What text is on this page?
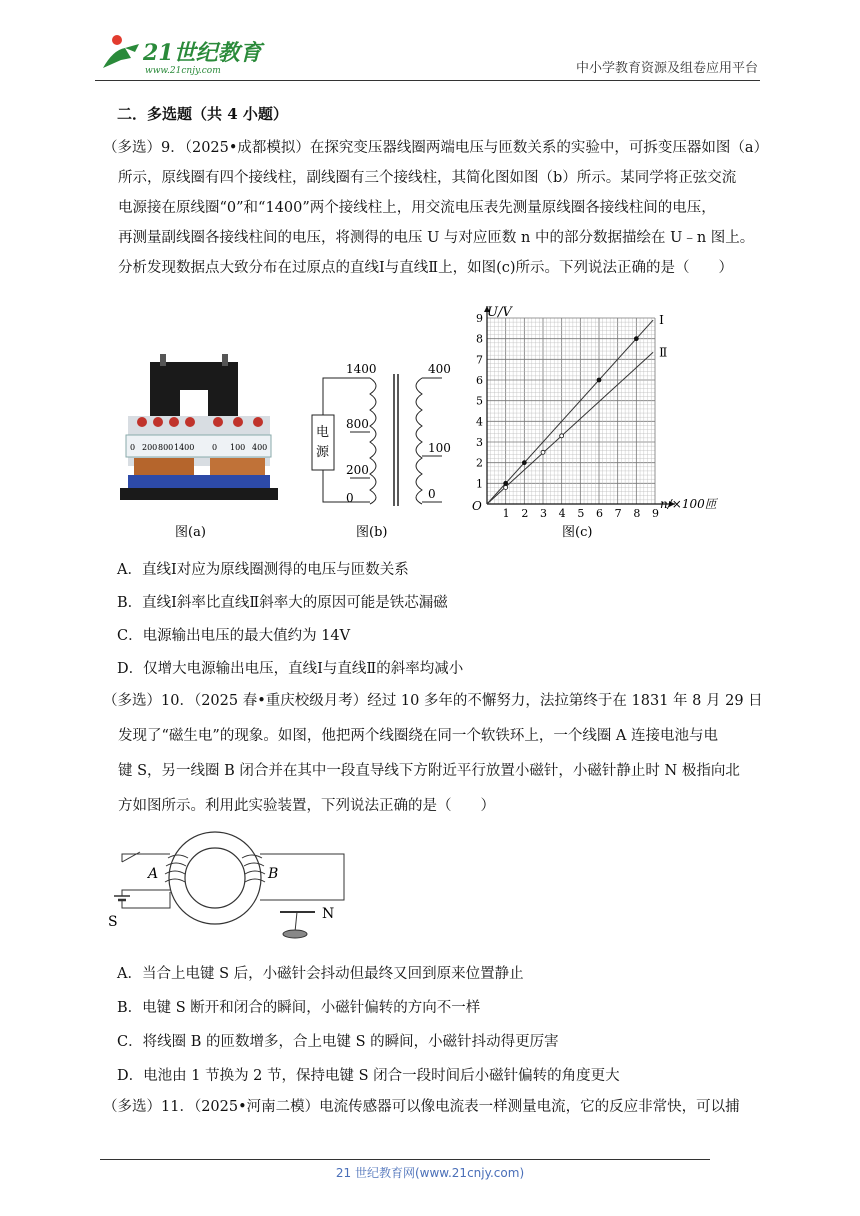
21世纪教育
www.21cnjy.com	中小学教育资源及组卷应用平台
二．多选题（共 4 小题）

（多选）9．（2025•成都模拟）在探究变压器线圈两端电压与匝数关系的实验中，可拆变压器如图（a）

所示，原线圈有四个接线柱，副线圈有三个接线柱，其简化图如图（b）所示。某同学将正弦交流

电源接在原线圈“0”和“1400”两个接线柱上，用交流电压表先测量原线圈各接线柱间的电压，

再测量副线圈各接线柱间的电压，将测得的电压 U 与对应匝数 n 中的部分数据描绘在 U﹣n 图上。

分析发现数据点大致分布在过原点的直线Ⅰ与直线Ⅱ上，如图(c)所示。下列说法正确的是（　　）

0 200 800 1400 0 100 400
图(a)
电
源
1400
800
200
0
400
100
0
图(b)
1 2 3 4 5 6 7 8 9
1
2
3
4
5
6
7
8
9	Ⅰ
Ⅱ
U/V
n/×100匝
O
图(c)
A．直线Ⅰ对应为原线圈测得的电压与匝数关系
B．直线Ⅰ斜率比直线Ⅱ斜率大的原因可能是铁芯漏磁
C．电源输出电压的最大值约为 14V
D．仅增大电源输出电压，直线Ⅰ与直线Ⅱ的斜率均减小

（多选）10．（2025 春•重庆校级月考）经过 10 多年的不懈努力，法拉第终于在 1831 年 8 月 29 日

发现了“磁生电”的现象。如图，他把两个线圈绕在同一个软铁环上，一个线圈 A 连接电池与电

键 S，另一线圈 B 闭合并在其中一段直导线下方附近平行放置小磁针，小磁针静止时 N 极指向北

方如图所示。利用此实验装置，下列说法正确的是（　　）

A	B
S	N
A．当合上电键 S 后，小磁针会抖动但最终又回到原来位置静止
B．电键 S 断开和闭合的瞬间，小磁针偏转的方向不一样
C．将线圈 B 的匝数增多，合上电键 S 的瞬间，小磁针抖动得更厉害
D．电池由 1 节换为 2 节，保持电键 S 闭合一段时间后小磁针偏转的角度更大

（多选）11．（2025•河南二模）电流传感器可以像电流表一样测量电流，它的反应非常快，可以捕

21 世纪教育网(www.21cnjy.com)
